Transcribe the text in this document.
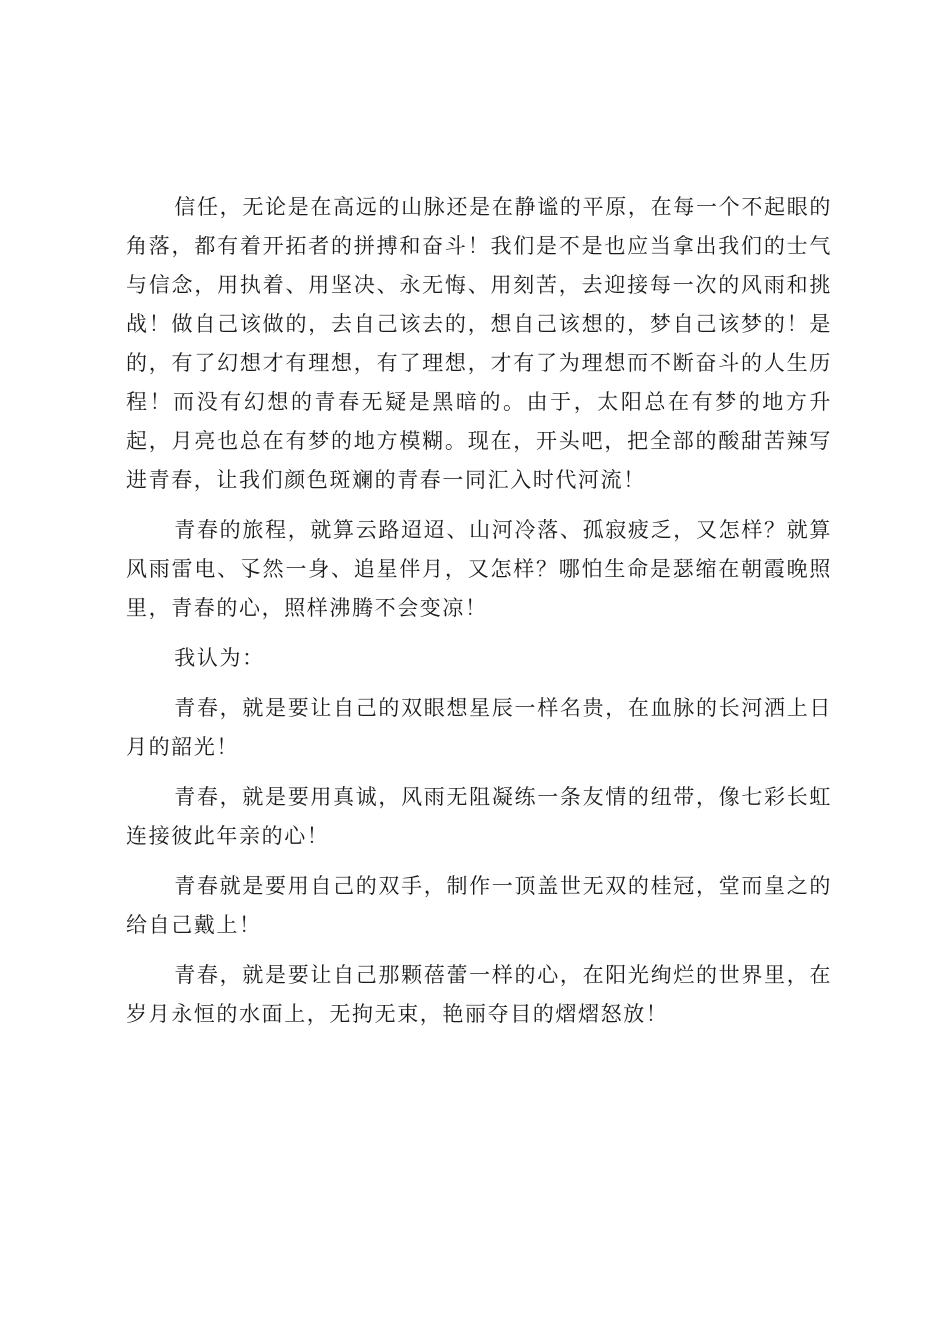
信任，无论是在高远的山脉还是在静谧的平原，在每一个不起眼的角落，都有着开拓者的拼搏和奋斗！我们是不是也应当拿出我们的士气与信念，用执着、用坚决、永无悔、用刻苦，去迎接每一次的风雨和挑战！做自己该做的，去自己该去的，想自己该想的，梦自己该梦的！是的，有了幻想才有理想，有了理想，才有了为理想而不断奋斗的人生历程！而没有幻想的青春无疑是黑暗的。由于，太阳总在有梦的地方升起，月亮也总在有梦的地方模糊。现在，开头吧，把全部的酸甜苦辣写进青春，让我们颜色斑斓的青春一同汇入时代河流！

青春的旅程，就算云路迢迢、山河冷落、孤寂疲乏，又怎样？就算风雨雷电、孓然一身、追星伴月，又怎样？哪怕生命是瑟缩在朝霞晚照里，青春的心，照样沸腾不会变凉！

我认为：

青春，就是要让自己的双眼想星辰一样名贵，在血脉的长河洒上日月的韶光！

青春，就是要用真诚，风雨无阻凝练一条友情的纽带，像七彩长虹连接彼此年亲的心！

青春就是要用自己的双手，制作一顶盖世无双的桂冠，堂而皇之的给自己戴上！

青春，就是要让自己那颗蓓蕾一样的心，在阳光绚烂的世界里，在岁月永恒的水面上，无拘无束，艳丽夺目的熠熠怒放！
